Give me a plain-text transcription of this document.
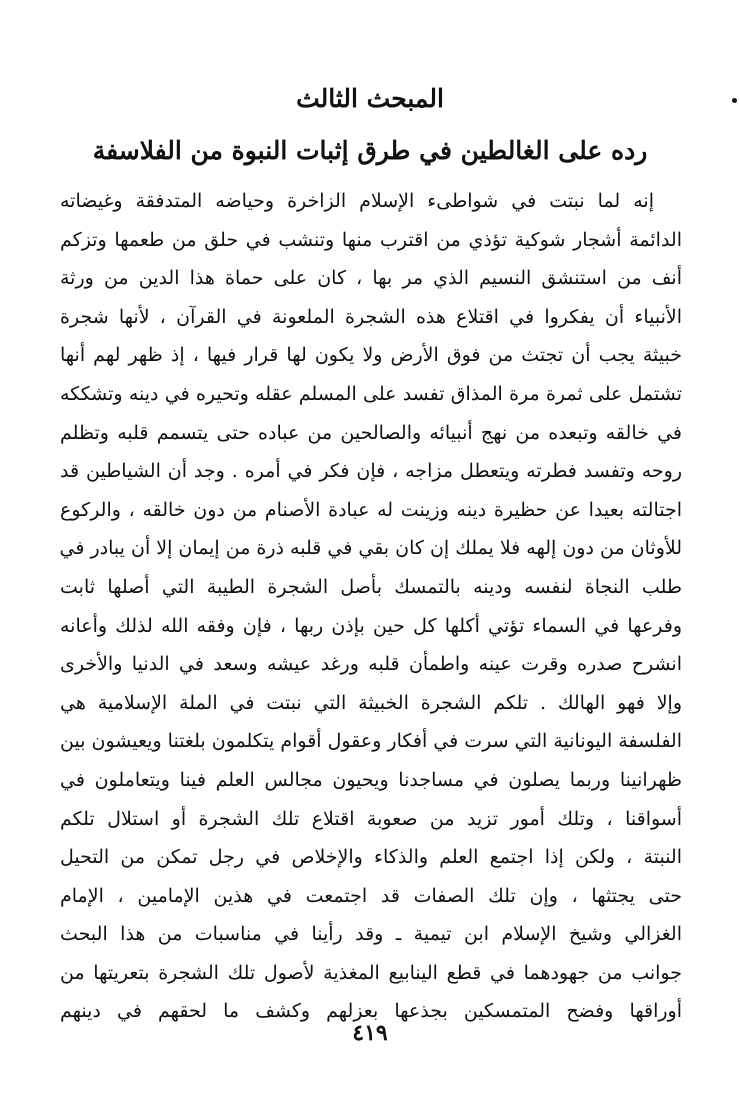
المبحث الثالث
رده على الغالطين في طرق إثبات النبوة من الفلاسفة
إنه لما نبتت في شواطىء الإسلام الزاخرة وحياضه المتدفقة وغيضاته
الدائمة أشجار شوكية تؤذي من اقترب منها وتنشب في حلق من طعمها وتزكم
أنف من استنشق النسيم الذي مر بها ، كان على حماة هذا الدين من ورثة
الأنبياء أن يفكروا في اقتلاع هذه الشجرة الملعونة في القرآن ، لأنها شجرة
خبيثة يجب أن تجتث من فوق الأرض ولا يكون لها قرار فيها ، إذ ظهر لهم أنها
تشتمل على ثمرة مرة المذاق تفسد على المسلم عقله وتحيره في دينه وتشككه
في خالقه وتبعده من نهج أنبيائه والصالحين من عباده حتى يتسمم قلبه وتظلم
روحه وتفسد فطرته ويتعطل مزاجه ، فإن فكر في أمره . وجد أن الشياطين قد
اجتالته بعيدا عن حظيرة دينه وزينت له عبادة الأصنام من دون خالقه ، والركوع
للأوثان من دون إلهه فلا يملك إن كان بقي في قلبه ذرة من إيمان إلا أن يبادر في
طلب النجاة لنفسه ودينه بالتمسك بأصل الشجرة الطيبة التي أصلها ثابت
وفرعها في السماء تؤتي أكلها كل حين بإذن ربها ، فإن وفقه الله لذلك وأعانه
انشرح صدره وقرت عينه واطمأن قلبه ورغد عيشه وسعد في الدنيا والأخرى
وإلا فهو الهالك . تلكم الشجرة الخبيثة التي نبتت في الملة الإسلامية هي
الفلسفة اليونانية التي سرت في أفكار وعقول أقوام يتكلمون بلغتنا ويعيشون بين
ظهرانينا وربما يصلون في مساجدنا ويحيون مجالس العلم فينا ويتعاملون في
أسواقنا ، وتلك أمور تزيد من صعوبة اقتلاع تلك الشجرة أو استلال تلكم
النبتة ، ولكن إذا اجتمع العلم والذكاء والإخلاص في رجل تمكن من التحيل
حتى يجتثها ، وإن تلك الصفات قد اجتمعت في هذين الإمامين ، الإمام
الغزالي وشيخ الإسلام ابن تيمية ـ وقد رأينا في مناسبات من هذا البحث
جوانب من جهودهما في قطع الينابيع المغذية لأصول تلك الشجرة بتعريتها من
أوراقها وفضح المتمسكين بجذعها بعزلهم وكشف ما لحقهم في دينهم
٤١٩
